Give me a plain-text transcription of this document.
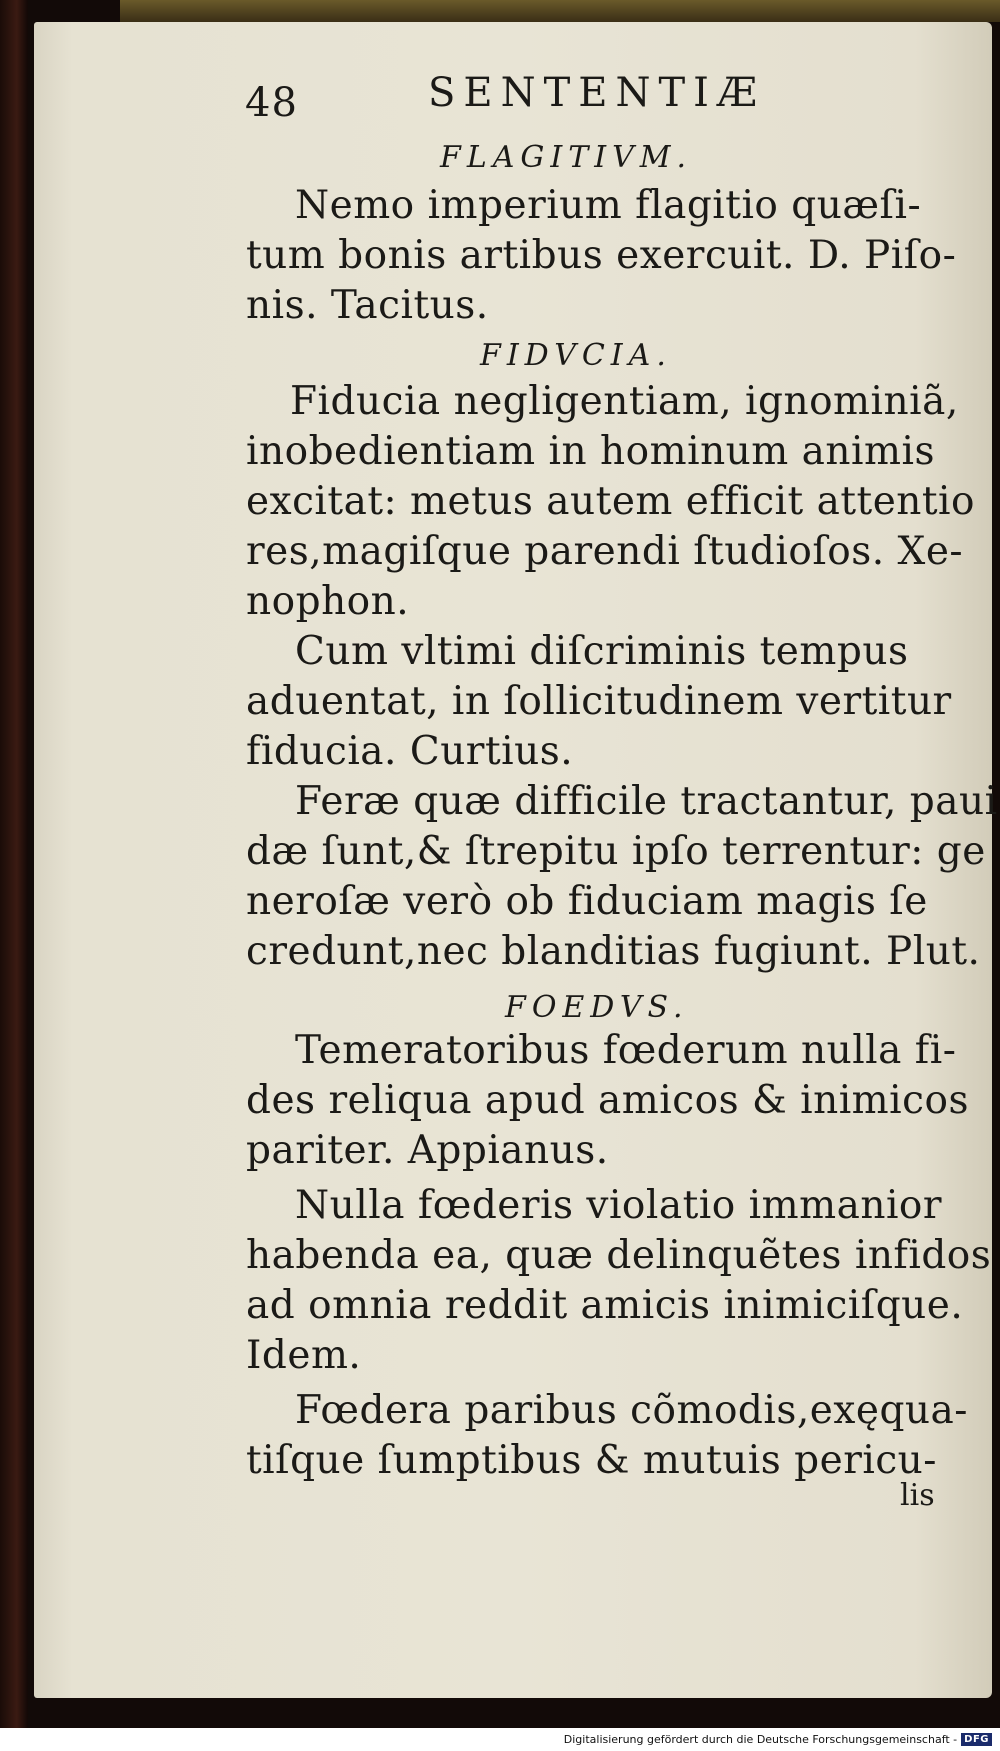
48	SENTENTIÆ
FLAGITIVM.
Nemo imperium flagitio quæſi-
tum bonis artibus exercuit. D. Piſo-
nis. Tacitus.
FIDVCIA.
Fiducia negligentiam, ignominiã,
inobedientiam in hominum animis
excitat: metus autem efficit attentio
res,magiſque parendi ſtudioſos. Xe-
nophon.
Cum vltimi diſcriminis tempus
aduentat, in ſollicitudinem vertitur
fiducia. Curtius.
Feræ quæ difficile tractantur, paui
dæ ſunt,& ſtrepitu ipſo terrentur: ge
neroſæ verò ob fiduciam magis ſe
credunt,nec blanditias fugiunt. Plut.
FOEDVS.
Temeratoribus fœderum nulla fi-
des reliqua apud amicos & inimicos
pariter. Appianus.
Nulla fœderis violatio immanior
habenda ea, quæ delinquẽtes infidos
ad omnia reddit amicis inimiciſque.
Idem.
Fœdera paribus cõmodis,exęqua-
tiſque ſumptibus & mutuis pericu-
lis
Digitalisierung gefördert durch die Deutsche Forschungsgemeinschaft - DFG
